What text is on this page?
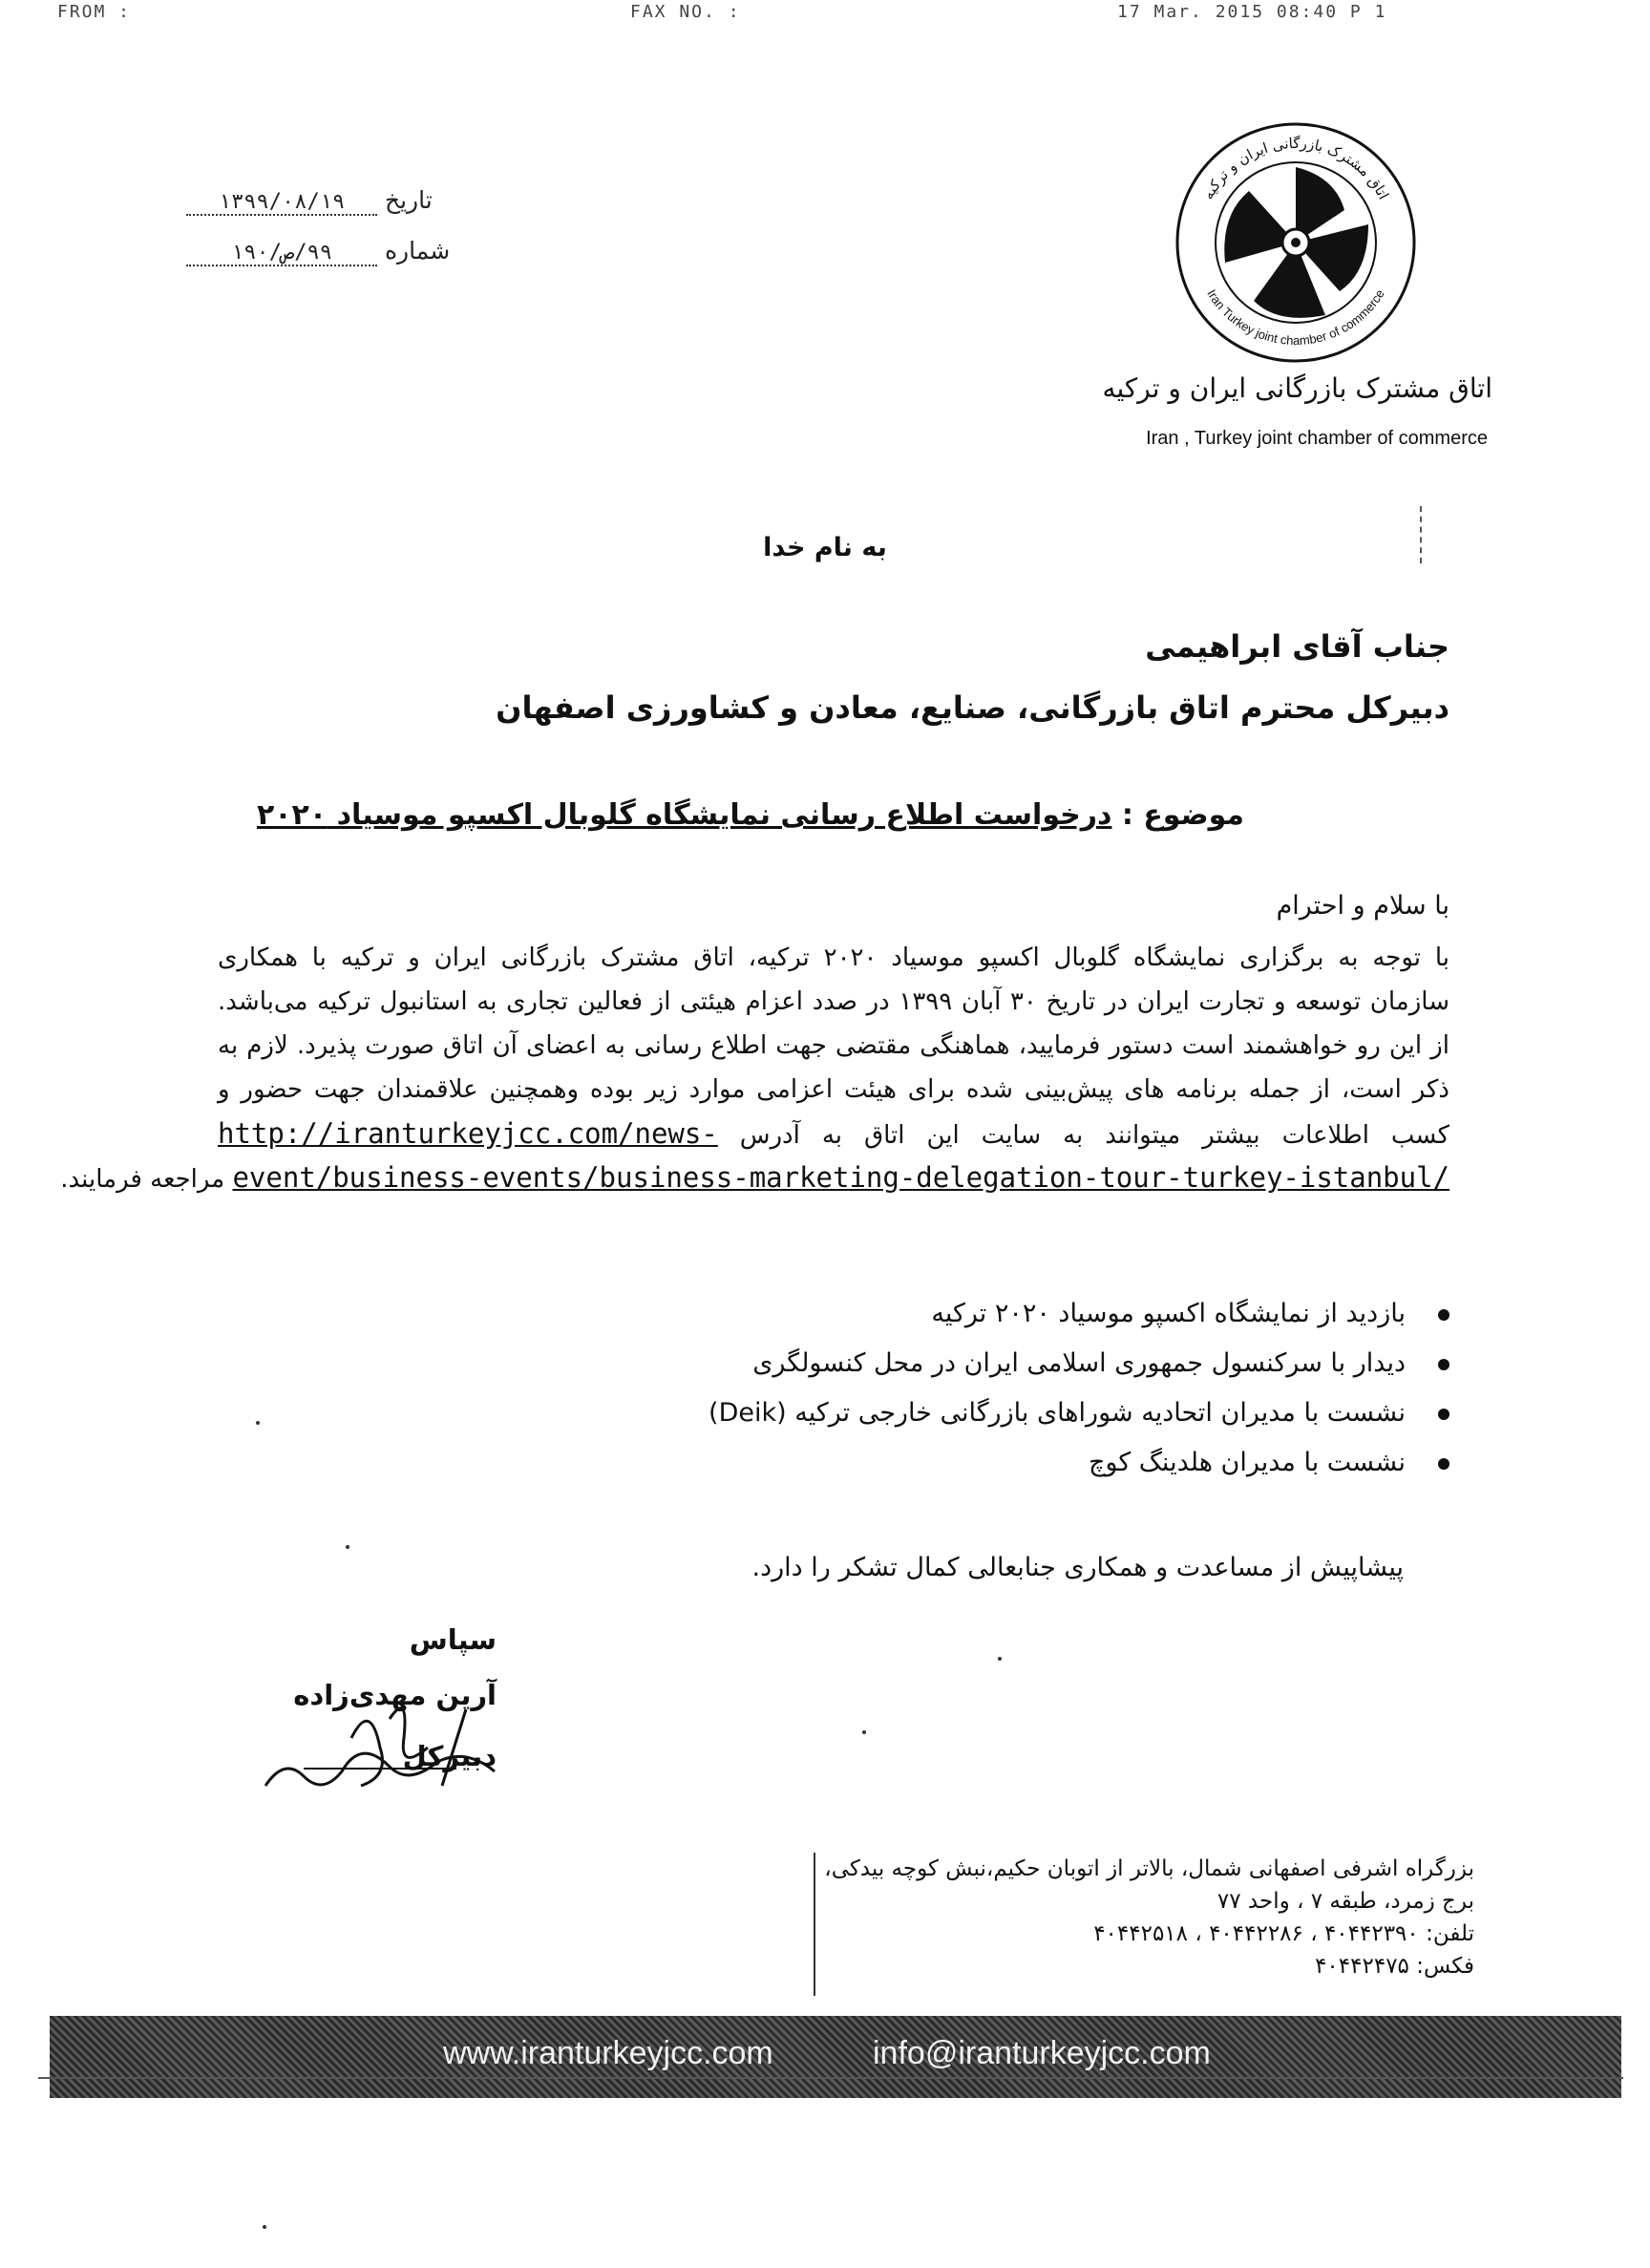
FROM :	FAX NO. :	17 Mar. 2015 08:40 P 1
تاریخ ۱۳۹۹/۰۸/۱۹
شماره ۹۹/ص/۱۹۰
اتاق مشترک بازرگانی ایران و ترکیه
Iran Turkey joint chamber of commerce
اتاق مشترک بازرگانی ایران و ترکیه
Iran , Turkey joint chamber of commerce
به نام خدا
جناب آقای ابراهیمی
دبیرکل محترم اتاق بازرگانی، صنایع، معادن و کشاورزی اصفهان
موضوع : درخواست اطلاع رسانی نمایشگاه گلوبال اکسپو موسیاد ۲۰۲۰
با سلام و احترام
با توجه به برگزاری نمایشگاه گلوبال اکسپو موسیاد ۲۰۲۰ ترکیه، اتاق مشترک بازرگانی ایران و ترکیه با همکاری
سازمان توسعه و تجارت ایران در تاریخ ۳۰ آبان ۱۳۹۹ در صدد اعزام هیئتی از فعالین تجاری به استانبول ترکیه می‌باشد.
از این رو خواهشمند است دستور فرمایید، هماهنگی مقتضی جهت اطلاع رسانی به اعضای آن اتاق صورت پذیرد. لازم به
ذکر است، از جمله برنامه های پیش‌بینی شده برای هیئت اعزامی موارد زیر بوده وهمچنین علاقمندان جهت حضور و
کسب اطلاعات بیشتر میتوانند به سایت این اتاق به آدرس http://iranturkeyjcc.com/news-
event/business-events/business-marketing-delegation-tour-turkey-istanbul/ مراجعه فرمایند.
بازدید از نمایشگاه اکسپو موسیاد ۲۰۲۰ ترکیه
دیدار با سرکنسول جمهوری اسلامی ایران در محل کنسولگری
نشست با مدیران اتحادیه شوراهای بازرگانی خارجی ترکیه (Deik)
نشست با مدیران هلدینگ کوچ
پیشاپیش از مساعدت و همکاری جنابعالی کمال تشکر را دارد.
سپاس
آرین مهدی‌زاده
دبیرکل
بزرگراه اشرفی اصفهانی شمال، بالاتر از اتوبان حکیم،نبش کوچه بیدکی،
برج زمرد، طبقه ۷ ، واحد ۷۷
تلفن: ۴۰۴۴۲۳۹۰ ، ۴۰۴۴۲۲۸۶ ، ۴۰۴۴۲۵۱۸
فکس: ۴۰۴۴۲۴۷۵
www.iranturkeyjcc.com	info@iranturkeyjcc.com
